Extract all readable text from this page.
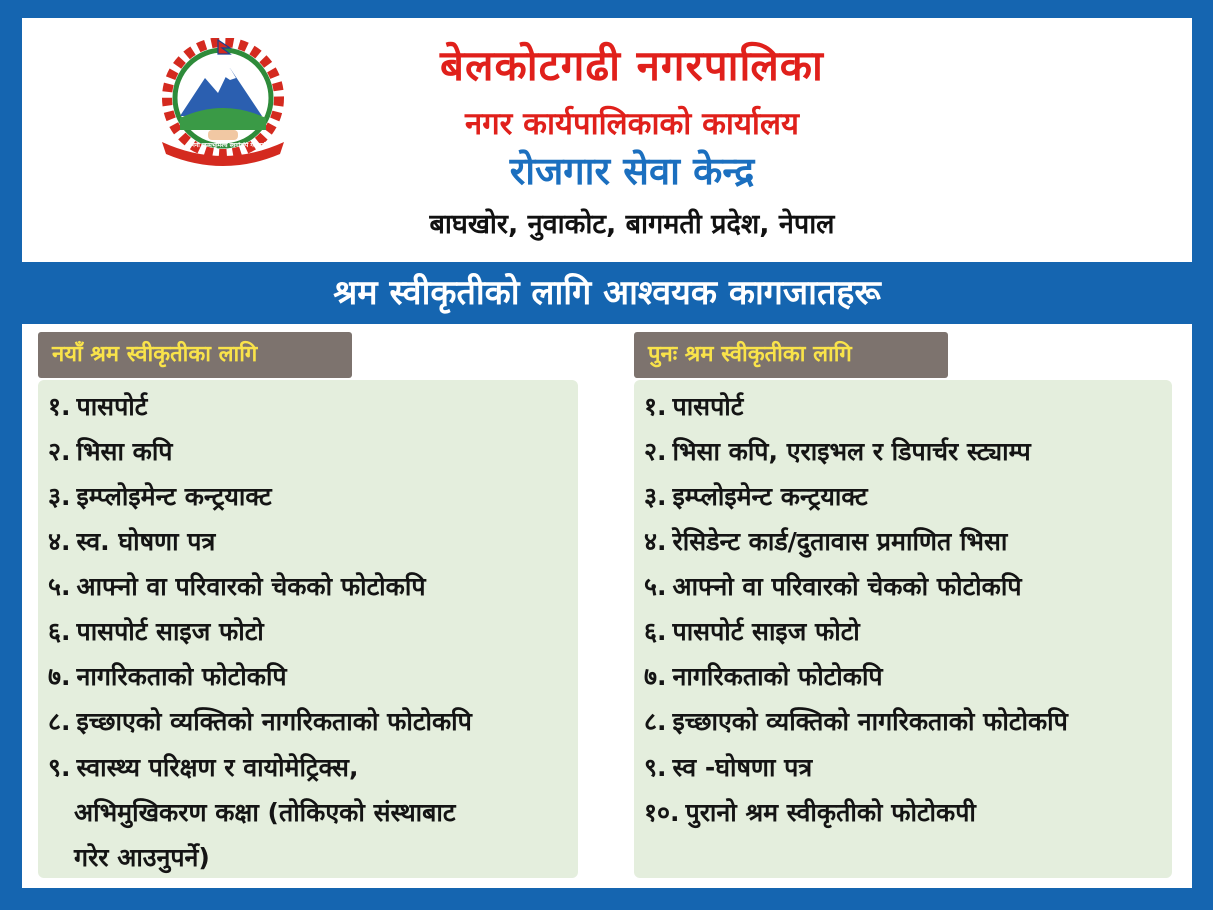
जननी जन्मभूमिश्च स्वर्गादपि गरीयसी
बेलकोटगढी नगरपालिका
नगर कार्यपालिकाको कार्यालय
रोजगार सेवा केन्द्र
बाघखोर, नुवाकोट, बागमती प्रदेश, नेपाल
श्रम स्वीकृतीको लागि आश्वयक कागजातहरू
नयाँ श्रम स्वीकृतीका लागि
१. पासपोर्ट
२. भिसा कपि
३. इम्प्लोइमेन्ट कन्ट्रयाक्ट
४. स्व. घोषणा पत्र
५. आफ्नो वा परिवारको चेकको फोटोकपि
६. पासपोर्ट साइज फोटो
७. नागरिकताको फोटोकपि
८. इच्छाएको व्यक्तिको नागरिकताको फोटोकपि
९. स्वास्थ्य परिक्षण र वायोमेट्रिक्स,
अभिमुखिकरण कक्षा (तोकिएको संस्थाबाट
गरेर आउनुपर्ने)
पुनः श्रम स्वीकृतीका लागि
१. पासपोर्ट
२. भिसा कपि, एराइभल र डिपार्चर स्ट्याम्प
३. इम्प्लोइमेन्ट कन्ट्रयाक्ट
४. रेसिडेन्ट कार्ड/दुतावास प्रमाणित भिसा
५. आफ्नो वा परिवारको चेकको फोटोकपि
६. पासपोर्ट साइज फोटो
७. नागरिकताको फोटोकपि
८. इच्छाएको व्यक्तिको नागरिकताको फोटोकपि
९. स्व -घोषणा पत्र
१०. पुरानो श्रम स्वीकृतीको फोटोकपी
